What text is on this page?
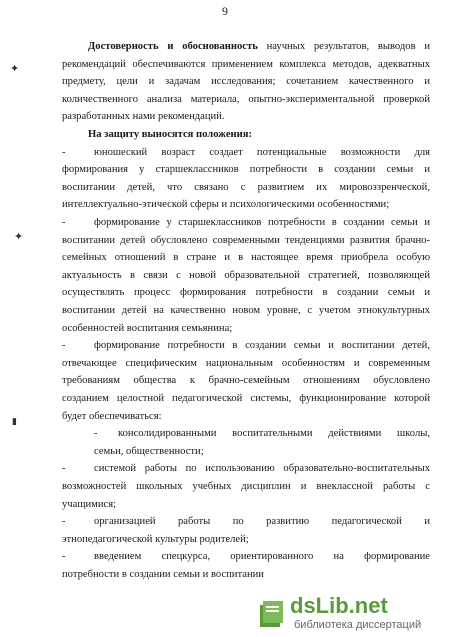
9
✦
✦
▮
Достоверность и обоснованность научных результатов, выводов и
рекомендаций обеспечиваются применением комплекса методов, адекватных
предмету, цели и задачам исследования; сочетанием качественного и
количественного анализа материала, опытно-экспериментальной проверкой
разработанных нами рекомендаций.
На защиту выносятся положения:
-	юношеский возраст создает потенциальные возможности для
формирования у старшеклассников потребности в создании семьи и
воспитании детей, что связано с развитием их мировоззренческой,
интеллектуально-этической сферы и психологическими особенностями;
-	формирование у старшеклассников потребности в создании семьи и
воспитании детей обусловлено современными тенденциями развития брачно-
семейных отношений в стране и в настоящее время приобрела особую
актуальность в связи с новой образовательной стратегией, позволяющей
осуществлять процесс формирования потребности в создании семьи и
воспитании детей на качественно новом уровне, с учетом этнокультурных
особенностей воспитания семьянина;
-	формирование потребности в создании семьи и воспитании детей,
отвечающее специфическим национальным особенностям и современным
требованиям общества к брачно-семейным отношениям обусловлено
созданием целостной педагогической системы, функционирование которой
будет обеспечиваться:
- консолидированными воспитательными действиями школы,
семьи, общественности;
-	системой работы по использованию образовательно-воспитательных
возможностей школьных учебных дисциплин и внеклассной работы с
учащимися;
-	организацией работы по развитию педагогической и
этнопедагогической культуры родителей;
-	введением спецкурса, ориентированного на формирование
потребности в создании семьи и воспитании
dsLib.net
библиотека диссертаций
